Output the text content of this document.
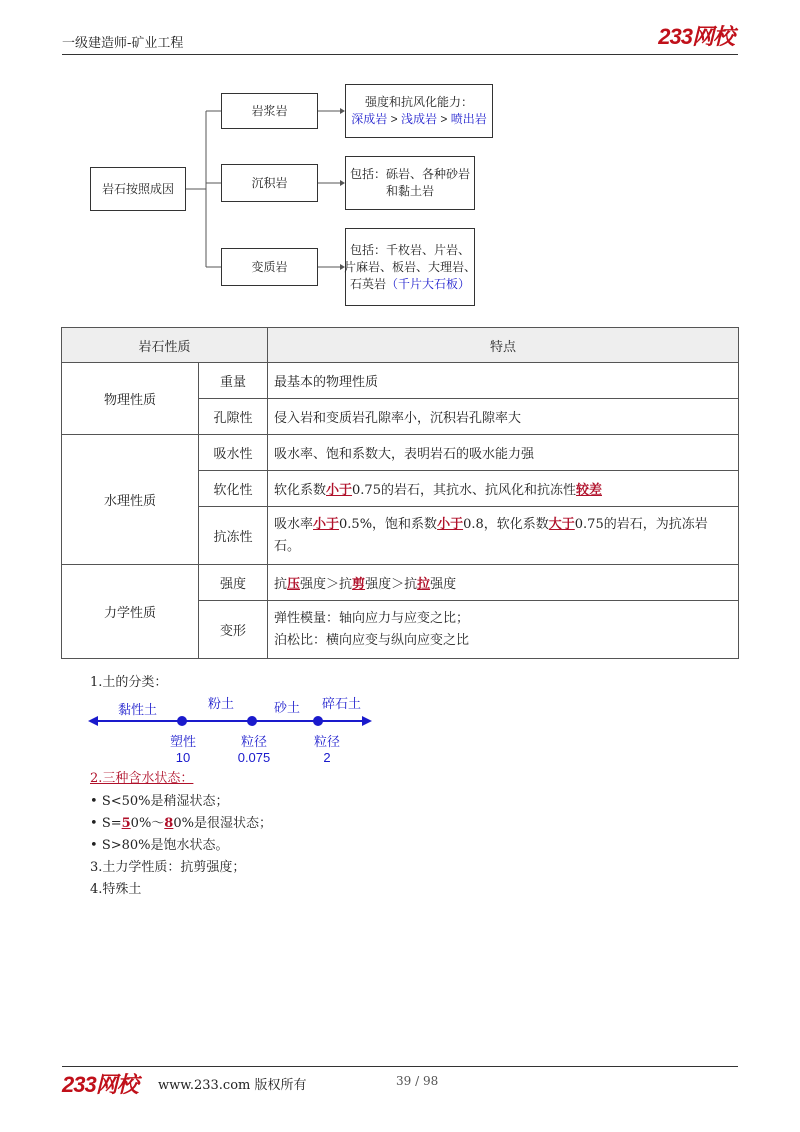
一级建造师-矿业工程	233网校
岩石按照成因
岩浆岩
沉积岩
变质岩
强度和抗风化能力：
深成岩 > 浅成岩 > 喷出岩
包括：砾岩、各种砂岩
和黏土岩
包括：千枚岩、片岩、
片麻岩、板岩、大理岩、
石英岩（千片大石板）
岩石性质		特点
物理性质	重量	最基本的物理性质
	孔隙性	侵入岩和变质岩孔隙率小，沉积岩孔隙率大
水理性质	吸水性	吸水率、饱和系数大，表明岩石的吸水能力强
	软化性	软化系数小于0.75的岩石，其抗水、抗风化和抗冻性较差
	抗冻性	吸水率小于0.5%，饱和系数小于0.8，软化系数大于0.75的岩石，为抗冻岩石。
力学性质	强度	抗压强度＞抗剪强度＞抗拉强度
	变形	弹性模量：轴向应力与应变之比；
泊松比：横向应变与纵向应变之比
1.土的分类：
黏性土	粉土	砂土 碎石土
塑性
10
粒径
0.075
粒径
2
2.三种含水状态：
• S<50%是稍湿状态；
• S=50%～80%是很湿状态；
• S>80%是饱水状态。
3.土力学性质：抗剪强度；
4.特殊土
233网校 www.233.com 版权所有	39 / 98
